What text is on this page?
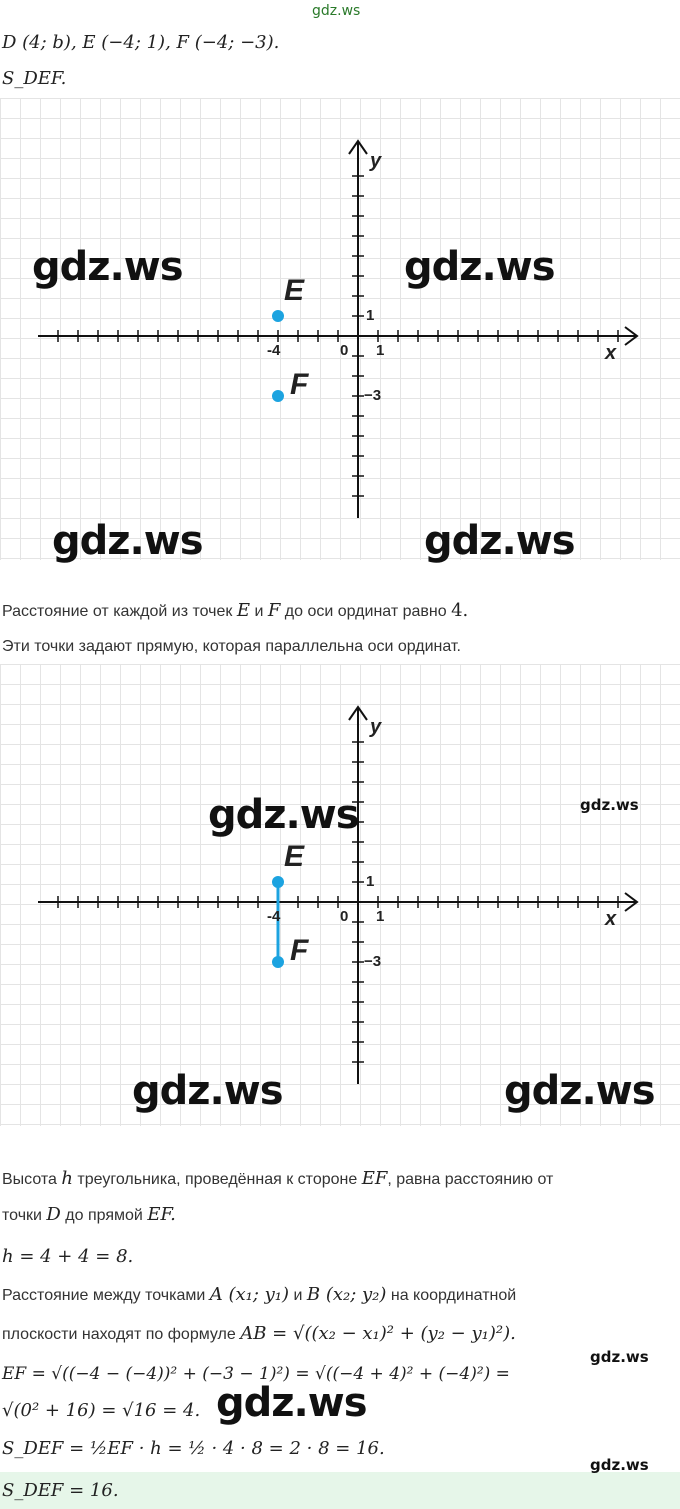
gdz.ws
D (4; b), E (−4; 1), F (−4; −3).
S_DEF.
y
x
0
-4	1
1
−3
E
F
gdz.ws	gdz.ws
gdz.ws	gdz.ws
Расстояние от каждой из точек E и F до оси ординат равно 4.
Эти точки задают прямую, которая параллельна оси ординат.
y
x
0
-4	1
1
−3
E
F
gdz.ws	gdz.ws
gdz.ws	gdz.ws
Высота h треугольника, проведённая к стороне EF, равна расстоянию от
точки D до прямой EF.
h = 4 + 4 = 8.
Расстояние между точками A (x₁; y₁) и B (x₂; y₂) на координатной
плоскости находят по формуле AB = √((x₂ − x₁)² + (y₂ − y₁)²).
EF = √((−4 − (−4))² + (−3 − 1)²) = √((−4 + 4)² + (−4)²) =
√(0² + 16) = √16 = 4.
S_DEF = ½EF · h = ½ · 4 · 8 = 2 · 8 = 16.
S_DEF = 16.
gdz.ws
gdz.ws
gdz.ws
